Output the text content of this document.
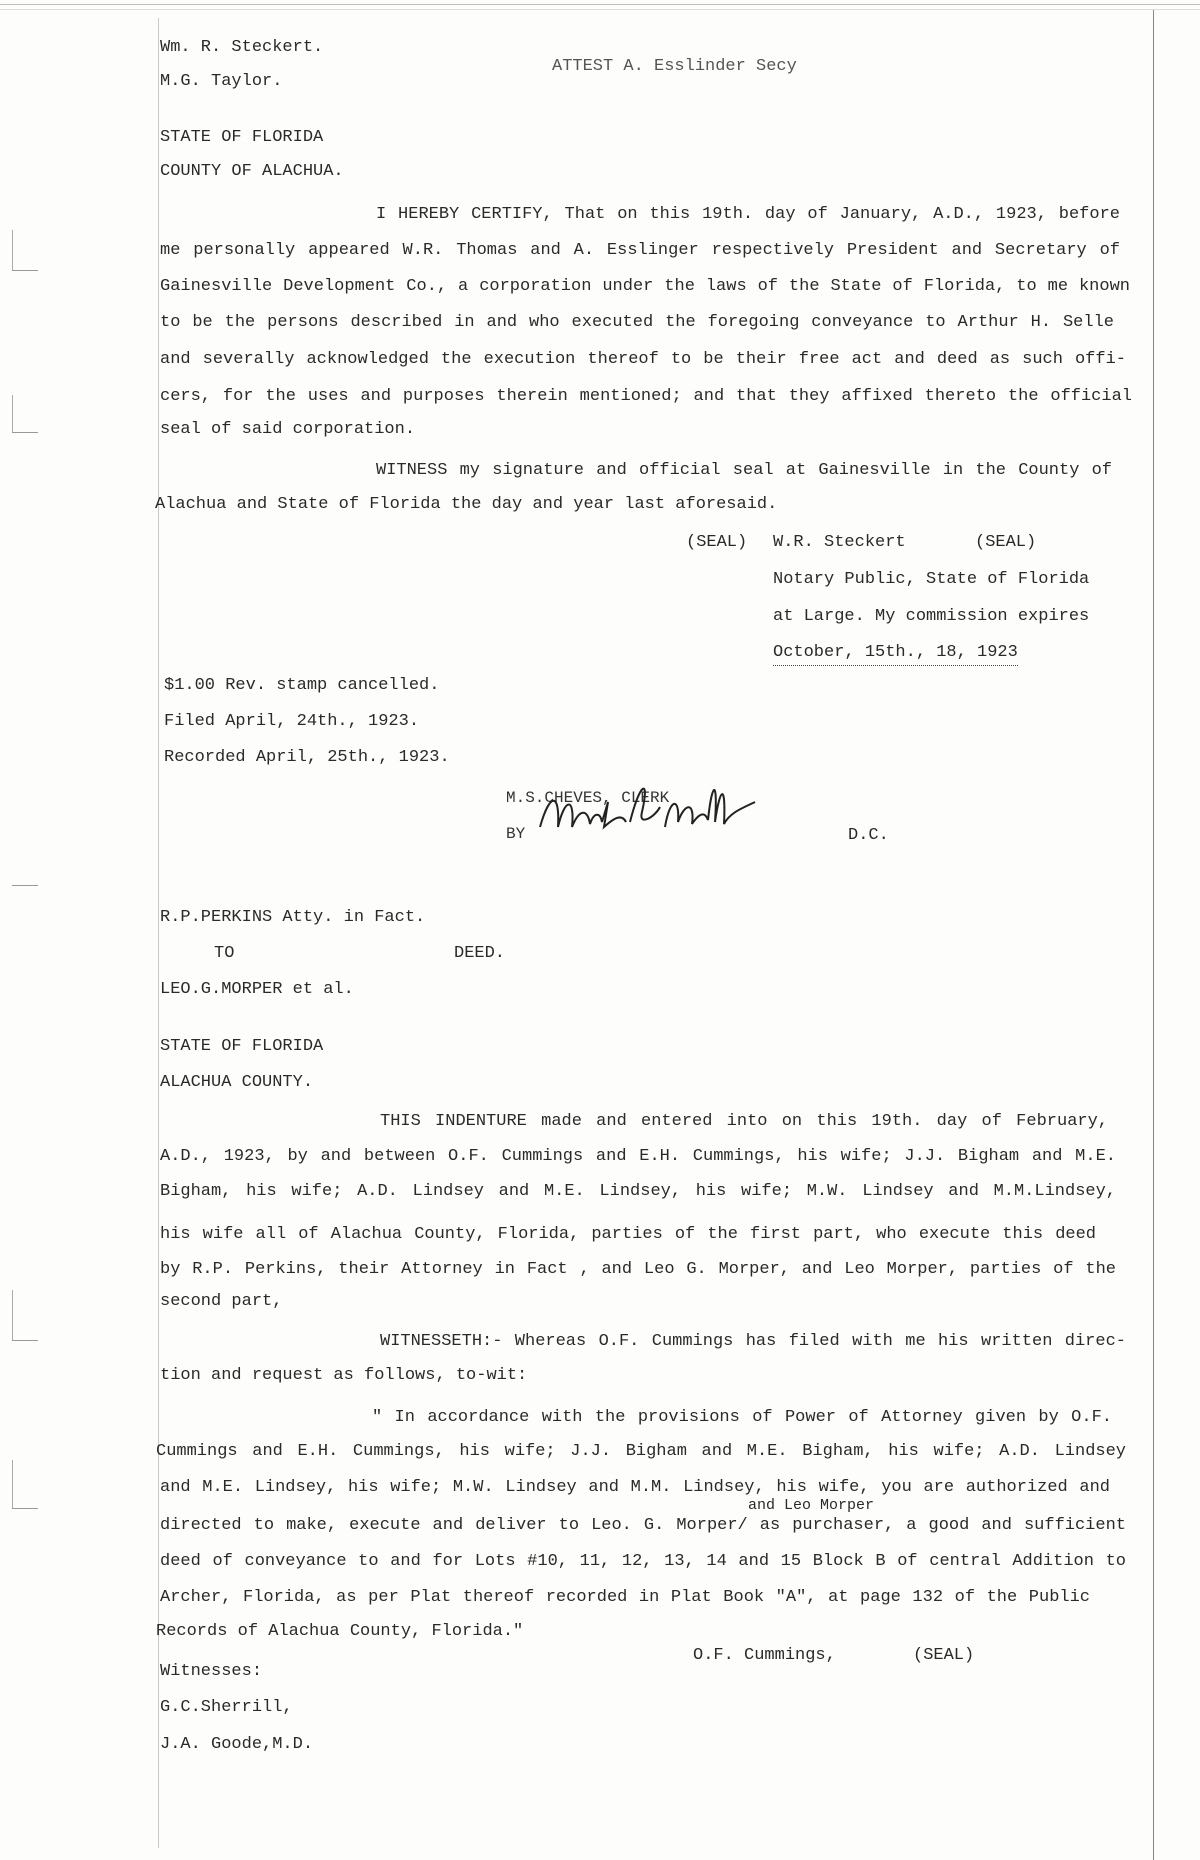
Wm. R. Steckert.
M.G. Taylor.
ATTEST A. Esslinder Secy
STATE OF FLORIDA
COUNTY OF ALACHUA.
I HEREBY CERTIFY, That on this 19th. day of January, A.D., 1923, before
me personally appeared W.R. Thomas and A. Esslinger respectively President and Secretary of
Gainesville Development Co., a corporation under the laws of the State of Florida, to me known
to be the persons described in and who executed the foregoing conveyance to Arthur H. Selle
and severally acknowledged the execution thereof to be their free act and deed as such offi-
cers, for the uses and purposes therein mentioned; and that they affixed thereto the official
seal of said corporation.
WITNESS my signature and official seal at Gainesville in the County of
Alachua and State of Florida the day and year last aforesaid.
(SEAL) W.R. Steckert	(SEAL)
Notary Public, State of Florida
at Large. My commission expires
October, 15th., 18, 1923
$1.00 Rev. stamp cancelled.
Filed April, 24th., 1923.
Recorded April, 25th., 1923.
M.S.CHEVES, CLERK
BY	D.C.
R.P.PERKINS Atty. in Fact.
TO	DEED.
LEO.G.MORPER et al.
STATE OF FLORIDA
ALACHUA COUNTY.
THIS INDENTURE made and entered into on this 19th. day of February,
A.D., 1923, by and between O.F. Cummings and E.H. Cummings, his wife; J.J. Bigham and M.E.
Bigham, his wife; A.D. Lindsey and M.E. Lindsey, his wife; M.W. Lindsey and M.M.Lindsey,
his wife all of Alachua County, Florida, parties of the first part, who execute this deed
by R.P. Perkins, their Attorney in Fact , and Leo G. Morper, and Leo Morper, parties of the
second part,
WITNESSETH:- Whereas O.F. Cummings has filed with me his written direc-
tion and request as follows, to-wit:
" In accordance with the provisions of Power of Attorney given by O.F.
Cummings and E.H. Cummings, his wife; J.J. Bigham and M.E. Bigham, his wife; A.D. Lindsey
and M.E. Lindsey, his wife; M.W. Lindsey and M.M. Lindsey, his wife, you are authorized and
and Leo Morper
directed to make, execute and deliver to Leo. G. Morper/ as purchaser, a good and sufficient
deed of conveyance to and for Lots #10, 11, 12, 13, 14 and 15 Block B of central Addition to
Archer, Florida, as per Plat thereof recorded in Plat Book "A", at page 132 of the Public
Records of Alachua County, Florida."
O.F. Cummings,	(SEAL)
Witnesses:
G.C.Sherrill,
J.A. Goode,M.D.
